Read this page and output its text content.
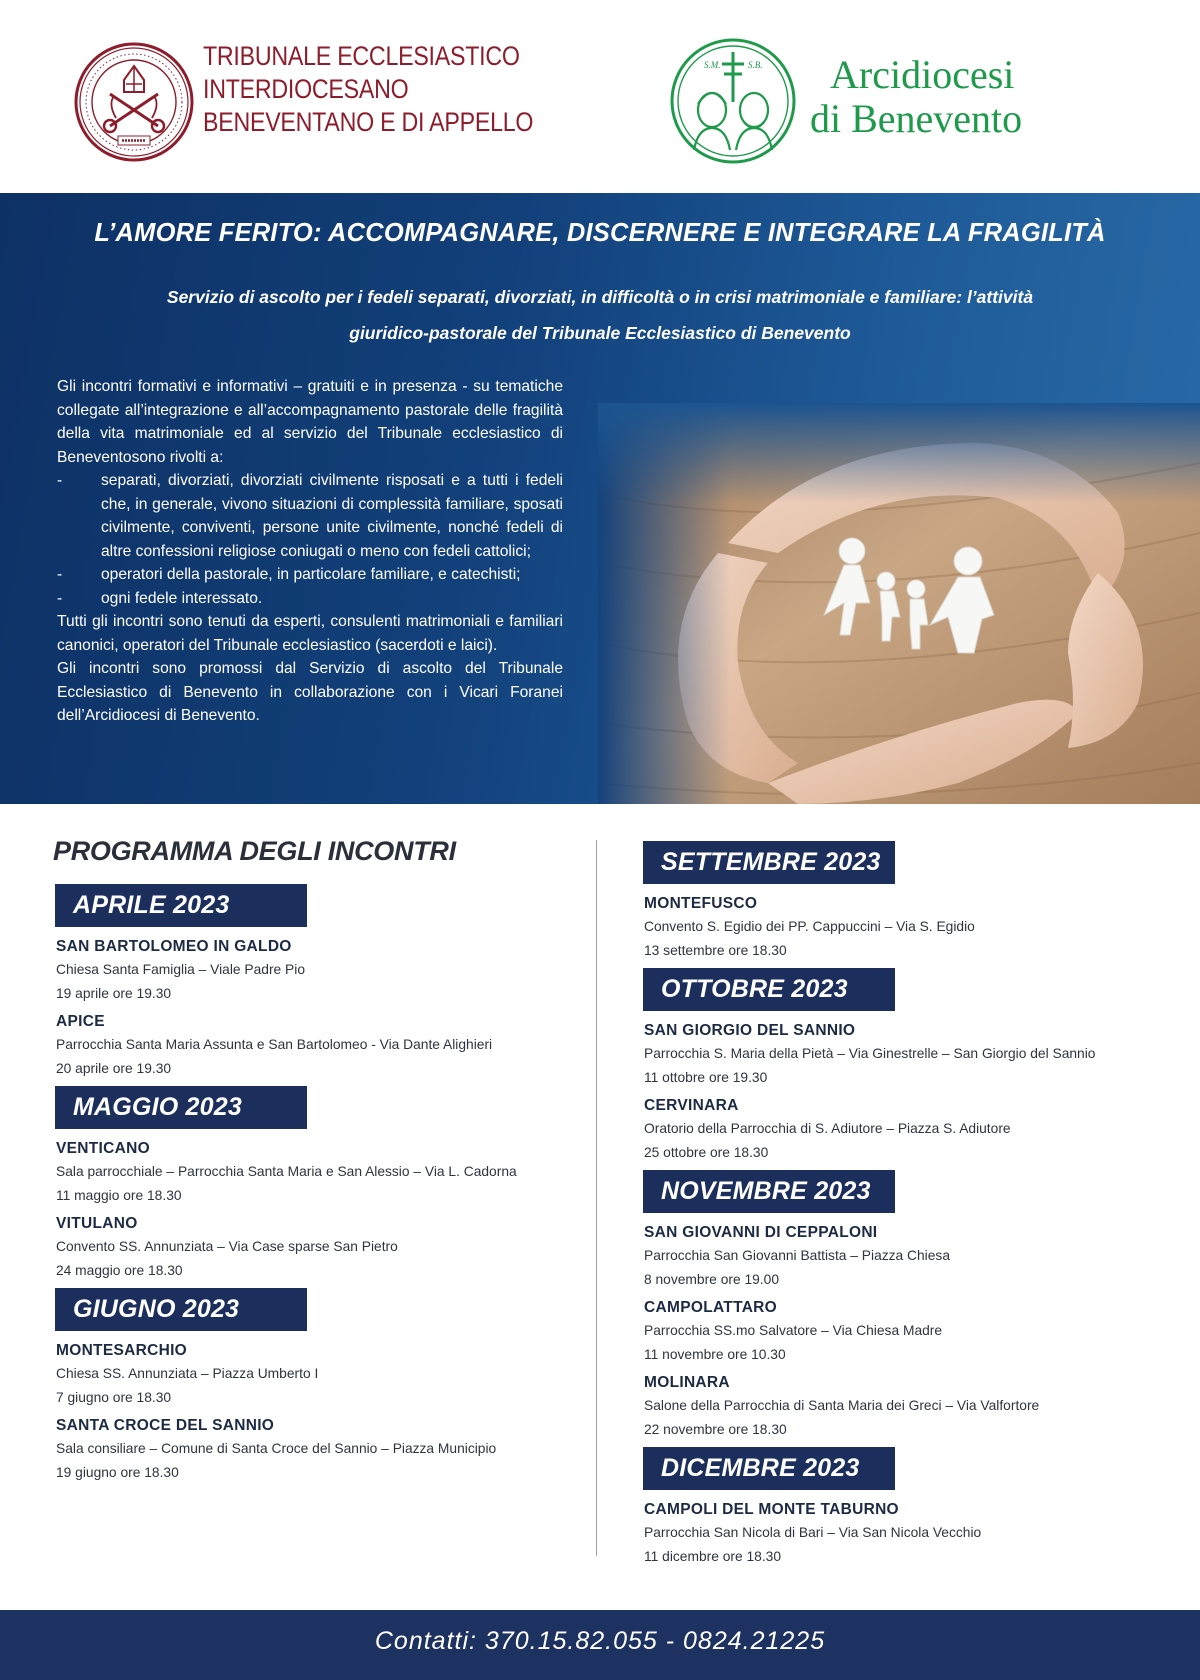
TRIBUNALE ECCLESIASTICO
INTERDIOCESANO
BENEVENTANO E DI APPELLO
S.M.	S.B.	Arcidiocesi
di Benevento
L’AMORE FERITO: ACCOMPAGNARE, DISCERNERE E INTEGRARE LA FRAGILITÀ
Servizio di ascolto per i fedeli separati, divorziati, in difficoltà o in crisi matrimoniale e familiare: l’attività
giuridico-pastorale del Tribunale Ecclesiastico di Benevento

Gli incontri formativi e informativi – gratuiti e in presenza - su tematiche collegate all’integrazione e all’accompagnamento pastorale delle fragilità della vita matrimoniale ed al servizio del Tribunale ecclesiastico di Beneventosono rivolti a:

-	separati, divorziati, divorziati civilmente risposati e a tutti i fedeli che, in generale, vivono situazioni di complessità familiare, sposati civilmente, conviventi, persone unite civilmente, nonché fedeli di altre confessioni religiose coniugati o meno con fedeli cattolici;
-	operatori della pastorale, in particolare familiare, e catechisti;
-	ogni fedele interessato.

Tutti gli incontri sono tenuti da esperti, consulenti matrimoniali e familiari canonici, operatori del Tribunale ecclesiastico (sacerdoti e laici).

Gli incontri sono promossi dal Servizio di ascolto del Tribunale Ecclesiastico di Benevento in collaborazione con i Vicari Foranei dell’Arcidiocesi di Benevento.

PROGRAMMA DEGLI INCONTRI
APRILE 2023
SAN BARTOLOMEO IN GALDO
Chiesa Santa Famiglia – Viale Padre Pio
19 aprile ore 19.30
APICE
Parrocchia Santa Maria Assunta e San Bartolomeo - Via Dante Alighieri
20 aprile ore 19.30
MAGGIO 2023
VENTICANO
Sala parrocchiale – Parrocchia Santa Maria e San Alessio – Via L. Cadorna
11 maggio ore 18.30
VITULANO
Convento SS. Annunziata – Via Case sparse San Pietro
24 maggio ore 18.30
GIUGNO 2023
MONTESARCHIO
Chiesa SS. Annunziata – Piazza Umberto I
7 giugno ore 18.30
SANTA CROCE DEL SANNIO
Sala consiliare – Comune di Santa Croce del Sannio – Piazza Municipio
19 giugno ore 18.30
SETTEMBRE 2023
MONTEFUSCO
Convento S. Egidio dei PP. Cappuccini – Via S. Egidio
13 settembre ore 18.30
OTTOBRE 2023
SAN GIORGIO DEL SANNIO
Parrocchia S. Maria della Pietà – Via Ginestrelle – San Giorgio del Sannio
11 ottobre ore 19.30
CERVINARA
Oratorio della Parrocchia di S. Adiutore – Piazza S. Adiutore
25 ottobre ore 18.30
NOVEMBRE 2023
SAN GIOVANNI DI CEPPALONI
Parrocchia San Giovanni Battista – Piazza Chiesa
8 novembre ore 19.00
CAMPOLATTARO
Parrocchia SS.mo Salvatore – Via Chiesa Madre
11 novembre ore 10.30
MOLINARA
Salone della Parrocchia di Santa Maria dei Greci – Via Valfortore
22 novembre ore 18.30
DICEMBRE 2023
CAMPOLI DEL MONTE TABURNO
Parrocchia San Nicola di Bari – Via San Nicola Vecchio
11 dicembre ore 18.30
Contatti: 370.15.82.055 - 0824.21225
